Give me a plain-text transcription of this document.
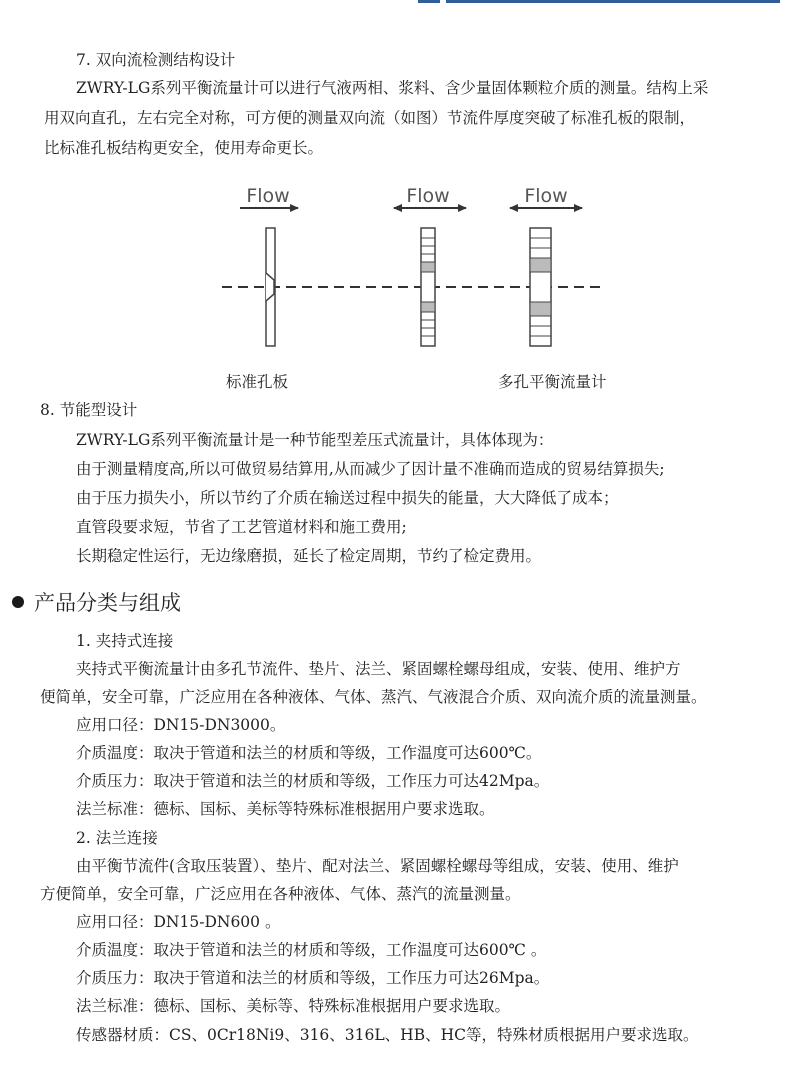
7. 双向流检测结构设计

ZWRY-LG系列平衡流量计可以进行气液两相、浆料、含少量固体颗粒介质的测量。结构上采

用双向直孔，左右完全对称，可方便的测量双向流（如图）节流件厚度突破了标准孔板的限制，

比标准孔板结构更安全，使用寿命更长。

Flow	Flow	Flow
标准孔板	多孔平衡流量计

8. 节能型设计

ZWRY-LG系列平衡流量计是一种节能型差压式流量计，具体体现为：

由于测量精度高,所以可做贸易结算用,从而减少了因计量不准确而造成的贸易结算损失;

由于压力损失小，所以节约了介质在输送过程中损失的能量，大大降低了成本；

直管段要求短，节省了工艺管道材料和施工费用;

长期稳定性运行，无边缘磨损，延长了检定周期，节约了检定费用。

产品分类与组成

1. 夹持式连接

夹持式平衡流量计由多孔节流件、垫片、法兰、紧固螺栓螺母组成，安装、使用、维护方

便简单，安全可靠，广泛应用在各种液体、气体、蒸汽、气液混合介质、双向流介质的流量测量。

应用口径：DN15-DN3000。

介质温度：取决于管道和法兰的材质和等级，工作温度可达600℃。

介质压力：取决于管道和法兰的材质和等级，工作压力可达42Mpa。

法兰标准：德标、国标、美标等特殊标准根据用户要求选取。

2. 法兰连接

由平衡节流件(含取压装置）、垫片、配对法兰、紧固螺栓螺母等组成，安装、使用、维护

方便简单，安全可靠，广泛应用在各种液体、气体、蒸汽的流量测量。

应用口径：DN15-DN600 。

介质温度：取决于管道和法兰的材质和等级，工作温度可达600℃ 。

介质压力：取决于管道和法兰的材质和等级，工作压力可达26Mpa。

法兰标准：德标、国标、美标等、特殊标准根据用户要求选取。

传感器材质：CS、0Cr18Ni9、316、316L、HB、HC等，特殊材质根据用户要求选取。
